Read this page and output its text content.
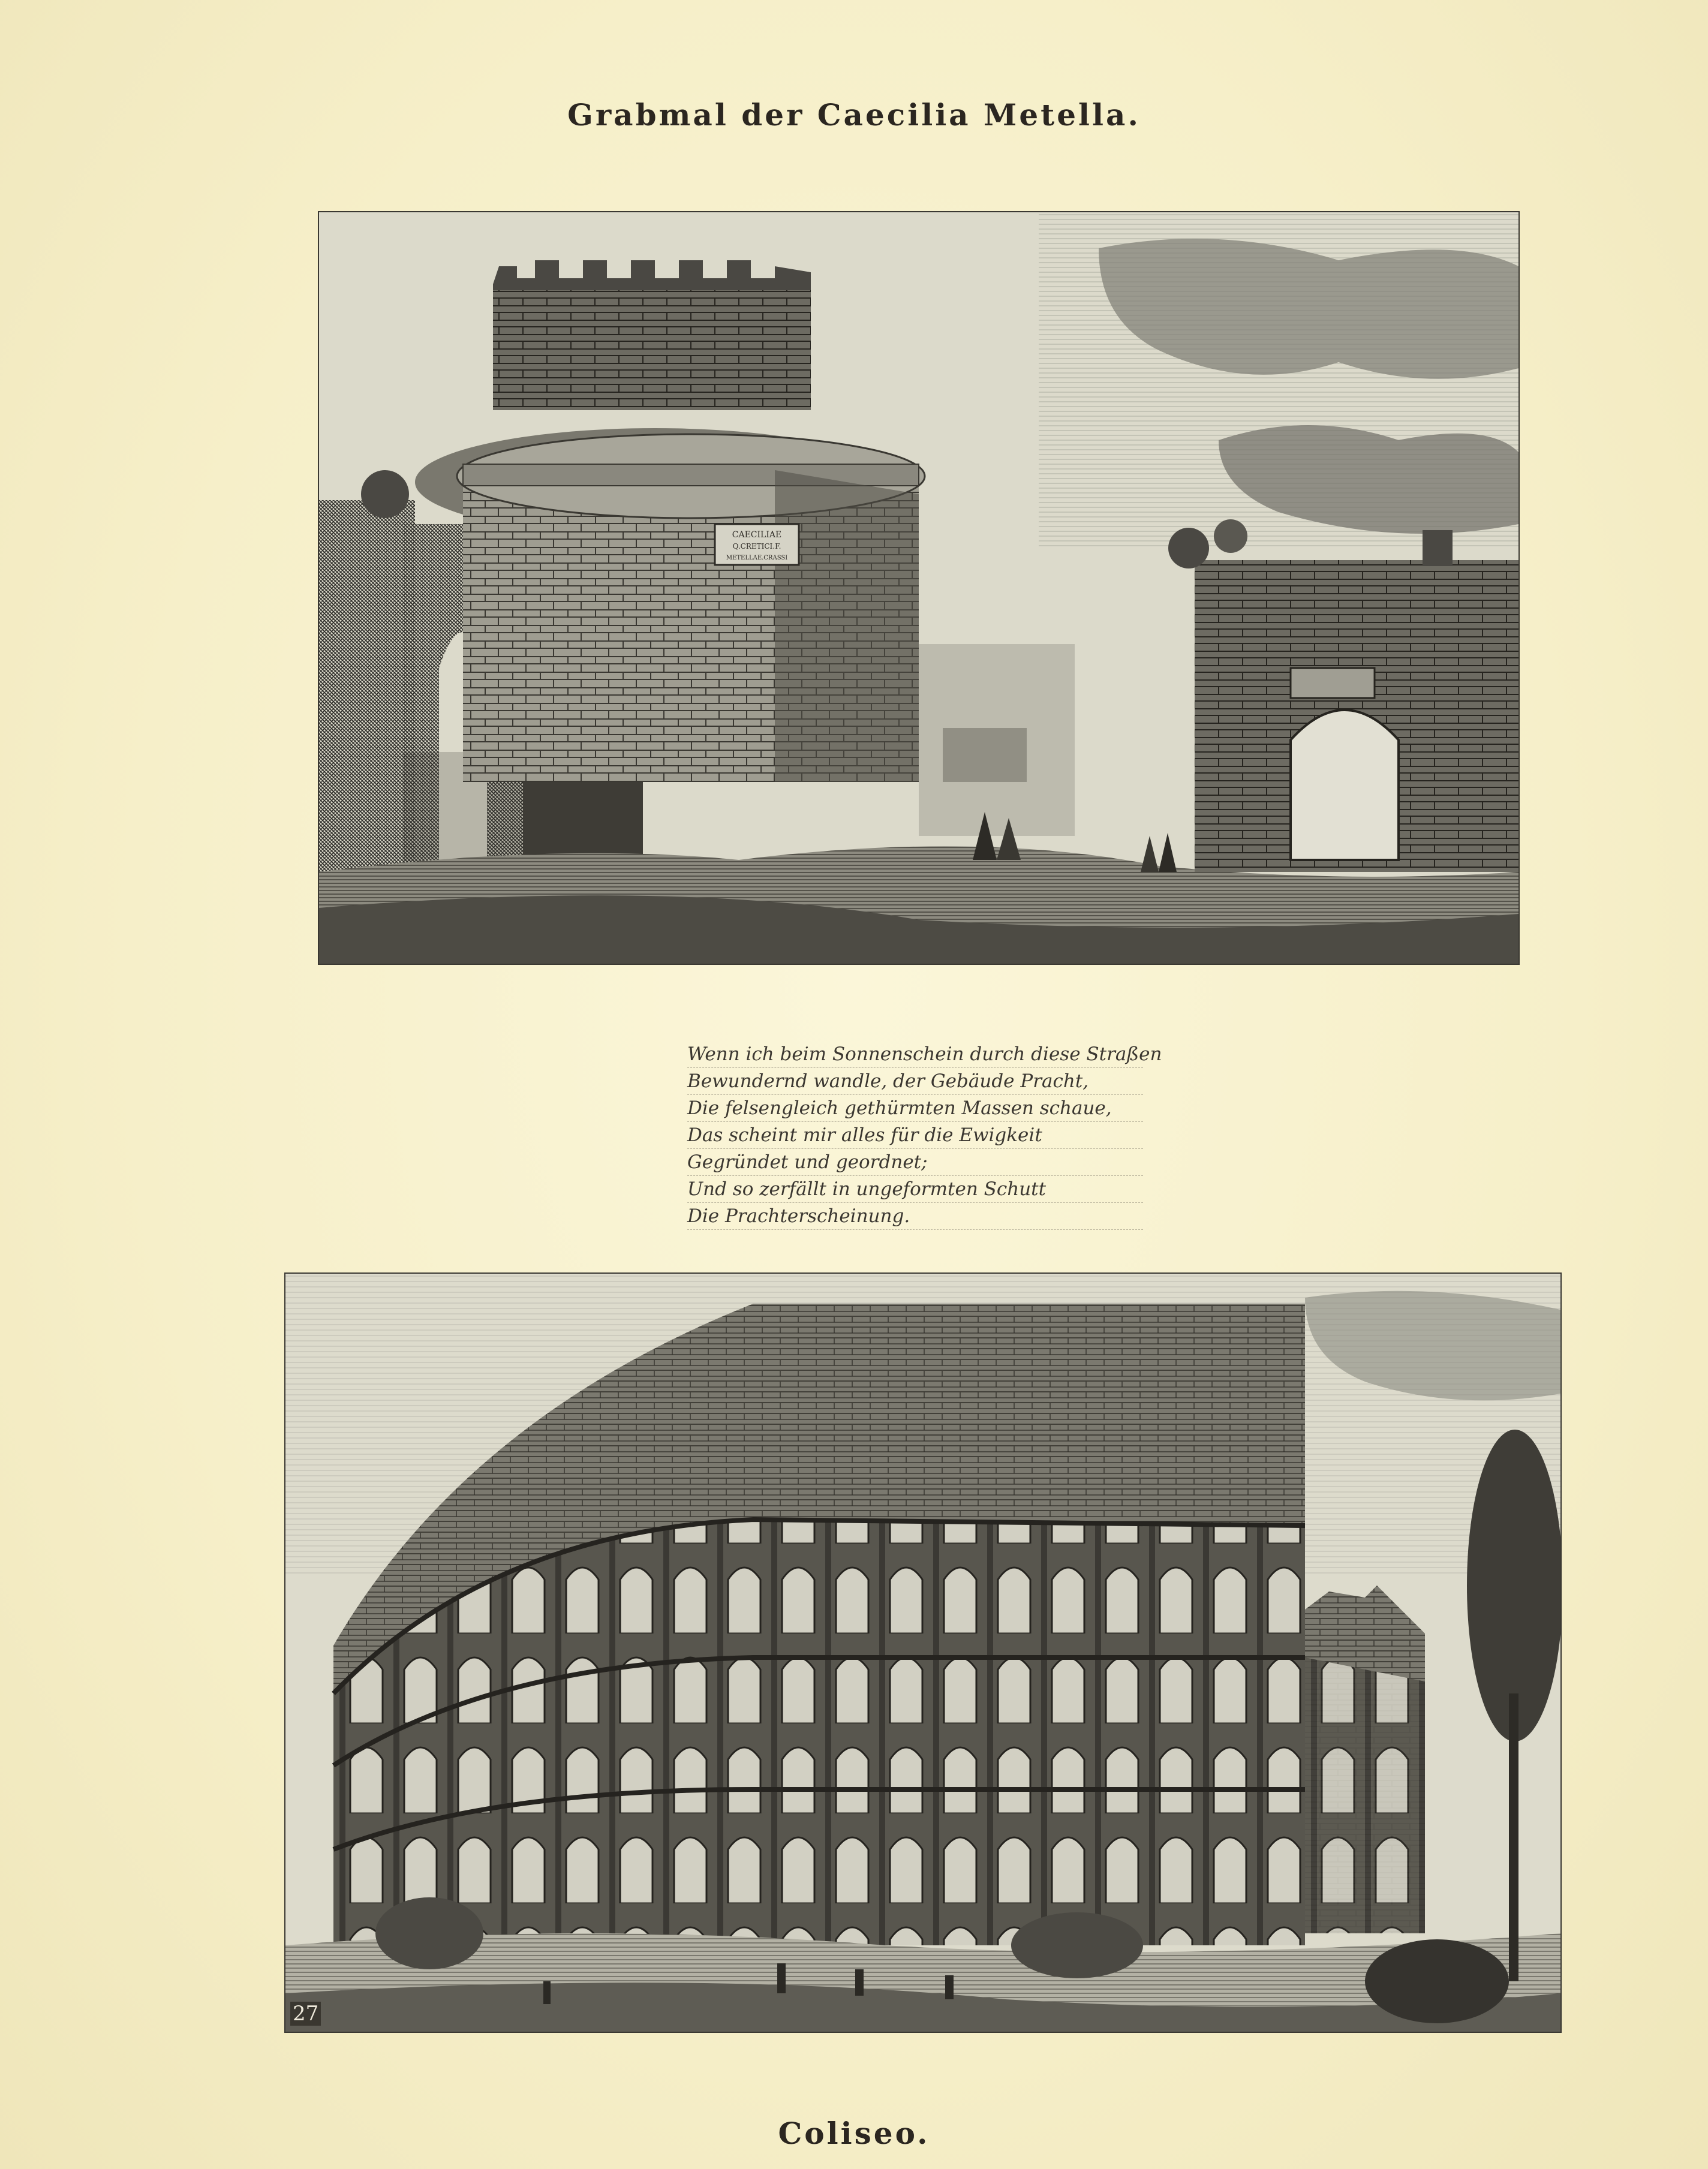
Grabmal der Caecilia Metella.
CAECILIAE
Q.CRETICI.F.
METELLAE.CRASSI
Wenn ich beim Sonnenschein durch diese Straßen
Bewundernd wandle, der Gebäude Pracht,
Die felsengleich gethürmten Massen schaue,
Das scheint mir alles für die Ewigkeit
Gegründet und geordnet;
Und so zerfällt in ungeformten Schutt
Die Prachterscheinung.
27
Coliseo.
